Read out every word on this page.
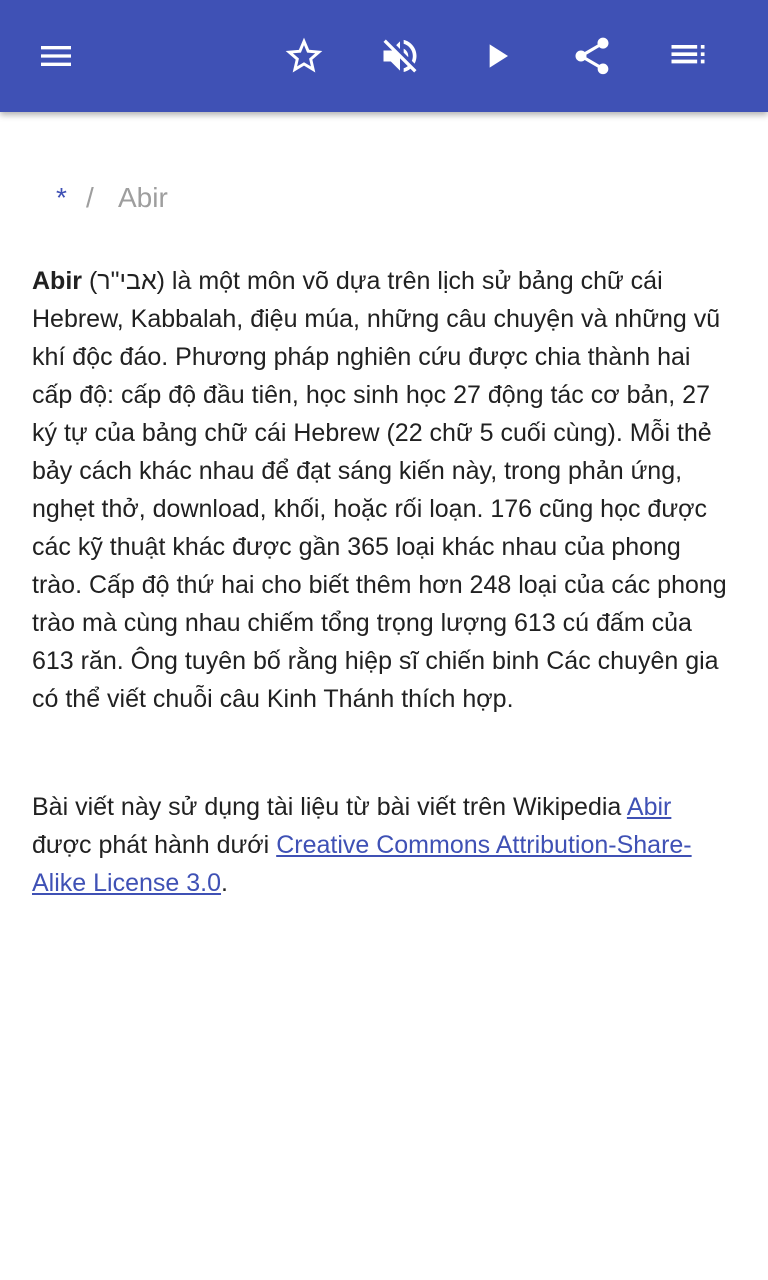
* / Abir
Abir (אבי"ר) là một môn võ dựa trên lịch sử bảng chữ cái Hebrew, Kabbalah, điệu múa, những câu chuyện và những vũ khí độc đáo. Phương pháp nghiên cứu được chia thành hai cấp độ: cấp độ đầu tiên, học sinh học 27 động tác cơ bản, 27 ký tự của bảng chữ cái Hebrew (22 chữ 5 cuối cùng). Mỗi thẻ bảy cách khác nhau để đạt sáng kiến này, trong phản ứng, nghẹt thở, download, khối, hoặc rối loạn. 176 cũng học được các kỹ thuật khác được gần 365 loại khác nhau của phong trào. Cấp độ thứ hai cho biết thêm hơn 248 loại của các phong trào mà cùng nhau chiếm tổng trọng lượng 613 cú đấm của 613 răn. Ông tuyên bố rằng hiệp sĩ chiến binh Các chuyên gia có thể viết chuỗi câu Kinh Thánh thích hợp.
Bài viết này sử dụng tài liệu từ bài viết trên Wikipedia Abir được phát hành dưới Creative Commons Attribution-Share-Alike License 3.0.
